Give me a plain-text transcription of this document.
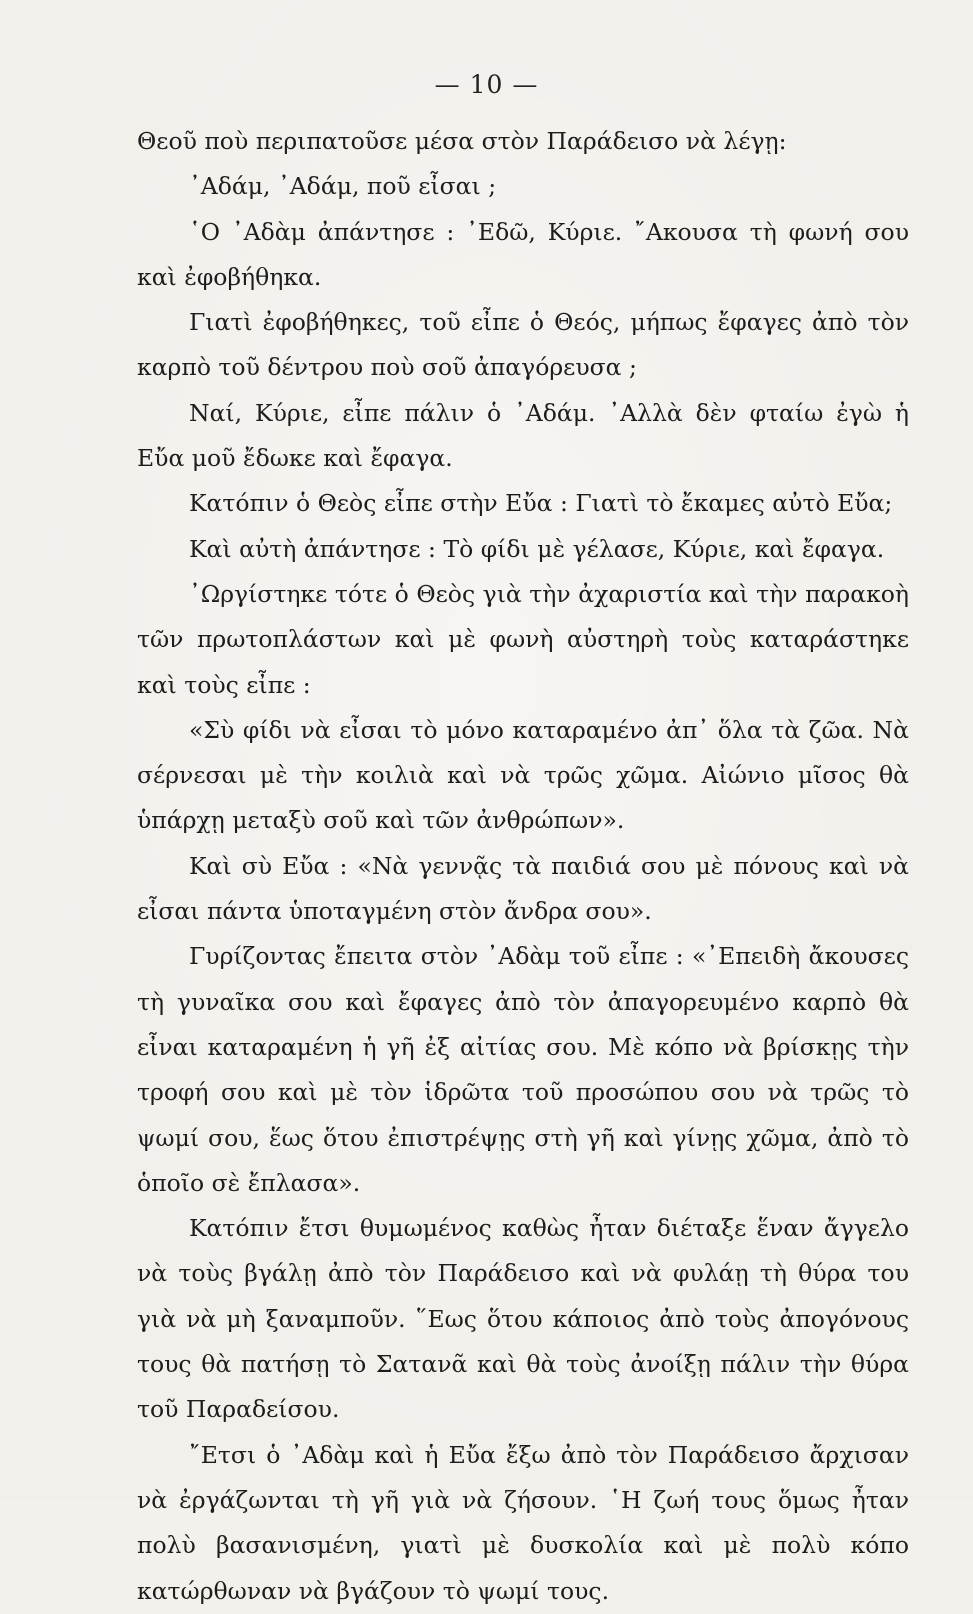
— 10 —

Θεοῦ ποὺ περιπατοῦσε μέσα στὸν Παράδεισο νὰ λέγῃ:

᾿Αδάμ, ᾿Αδάμ, ποῦ εἶσαι ;

῾Ο ᾿Αδὰμ ἀπάντησε : ᾿Εδῶ, Κύριε. ῎Ακουσα τὴ φωνή σου καὶ ἐφοβήθηκα.

Γιατὶ ἐφοβήθηκες, τοῦ εἶπε ὁ Θεός, μήπως ἔφαγες ἀπὸ τὸν καρπὸ τοῦ δέντρου ποὺ σοῦ ἀπαγόρευσα ;

Ναί, Κύριε, εἶπε πάλιν ὁ ᾿Αδάμ. ᾿Αλλὰ δὲν φταίω ἐγὼ ἡ Εὔα μοῦ ἔδωκε καὶ ἔφαγα.

Κατόπιν ὁ Θεὸς εἶπε στὴν Εὔα : Γιατὶ τὸ ἔκαμες αὐτὸ Εὔα;

Καὶ αὐτὴ ἀπάντησε : Τὸ φίδι μὲ γέλασε, Κύριε, καὶ ἔφαγα.

᾿Ωργίστηκε τότε ὁ Θεὸς γιὰ τὴν ἀχαριστία καὶ τὴν παρακοὴ τῶν πρωτοπλάστων καὶ μὲ φωνὴ αὐστηρὴ τοὺς καταράστηκε καὶ τοὺς εἶπε :

«Σὺ φίδι νὰ εἶσαι τὸ μόνο καταραμένο ἀπ᾿ ὅλα τὰ ζῶα. Νὰ σέρνεσαι μὲ τὴν κοιλιὰ καὶ νὰ τρῶς χῶμα. Αἰώνιο μῖσος θὰ ὑπάρχῃ μεταξὺ σοῦ καὶ τῶν ἀνθρώπων».

Καὶ σὺ Εὔα : «Νὰ γεννᾷς τὰ παιδιά σου μὲ πόνους καὶ νὰ εἶσαι πάντα ὑποταγμένη στὸν ἄνδρα σου».

Γυρίζοντας ἔπειτα στὸν ᾿Αδὰμ τοῦ εἶπε : «᾿Επειδὴ ἄκουσες τὴ γυναῖκα σου καὶ ἔφαγες ἀπὸ τὸν ἀπαγορευμένο καρπὸ θὰ εἶναι καταραμένη ἡ γῆ ἐξ αἰτίας σου. Μὲ κόπο νὰ βρίσκῃς τὴν τροφή σου καὶ μὲ τὸν ἱδρῶτα τοῦ προσώπου σου νὰ τρῶς τὸ ψωμί σου, ἕως ὅτου ἐπιστρέψῃς στὴ γῆ καὶ γίνῃς χῶμα, ἀπὸ τὸ ὁποῖο σὲ ἔπλασα».

Κατόπιν ἔτσι θυμωμένος καθὼς ἦταν διέταξε ἕναν ἄγγελο νὰ τοὺς βγάλῃ ἀπὸ τὸν Παράδεισο καὶ νὰ φυλάῃ τὴ θύρα του γιὰ νὰ μὴ ξαναμποῦν. ῞Εως ὅτου κάποιος ἀπὸ τοὺς ἀπογόνους τους θὰ πατήσῃ τὸ Σατανᾶ καὶ θὰ τοὺς ἀνοίξῃ πάλιν τὴν θύρα τοῦ Παραδείσου.

῎Ετσι ὁ ᾿Αδὰμ καὶ ἡ Εὔα ἔξω ἀπὸ τὸν Παράδεισο ἄρχισαν νὰ ἐργάζωνται τὴ γῆ γιὰ νὰ ζήσουν. ῾Η ζωή τους ὅμως ἦταν πολὺ βασανισμένη, γιατὶ μὲ δυσκολία καὶ μὲ πολὺ κόπο κατώρθωναν νὰ βγάζουν τὸ ψωμί τους.
